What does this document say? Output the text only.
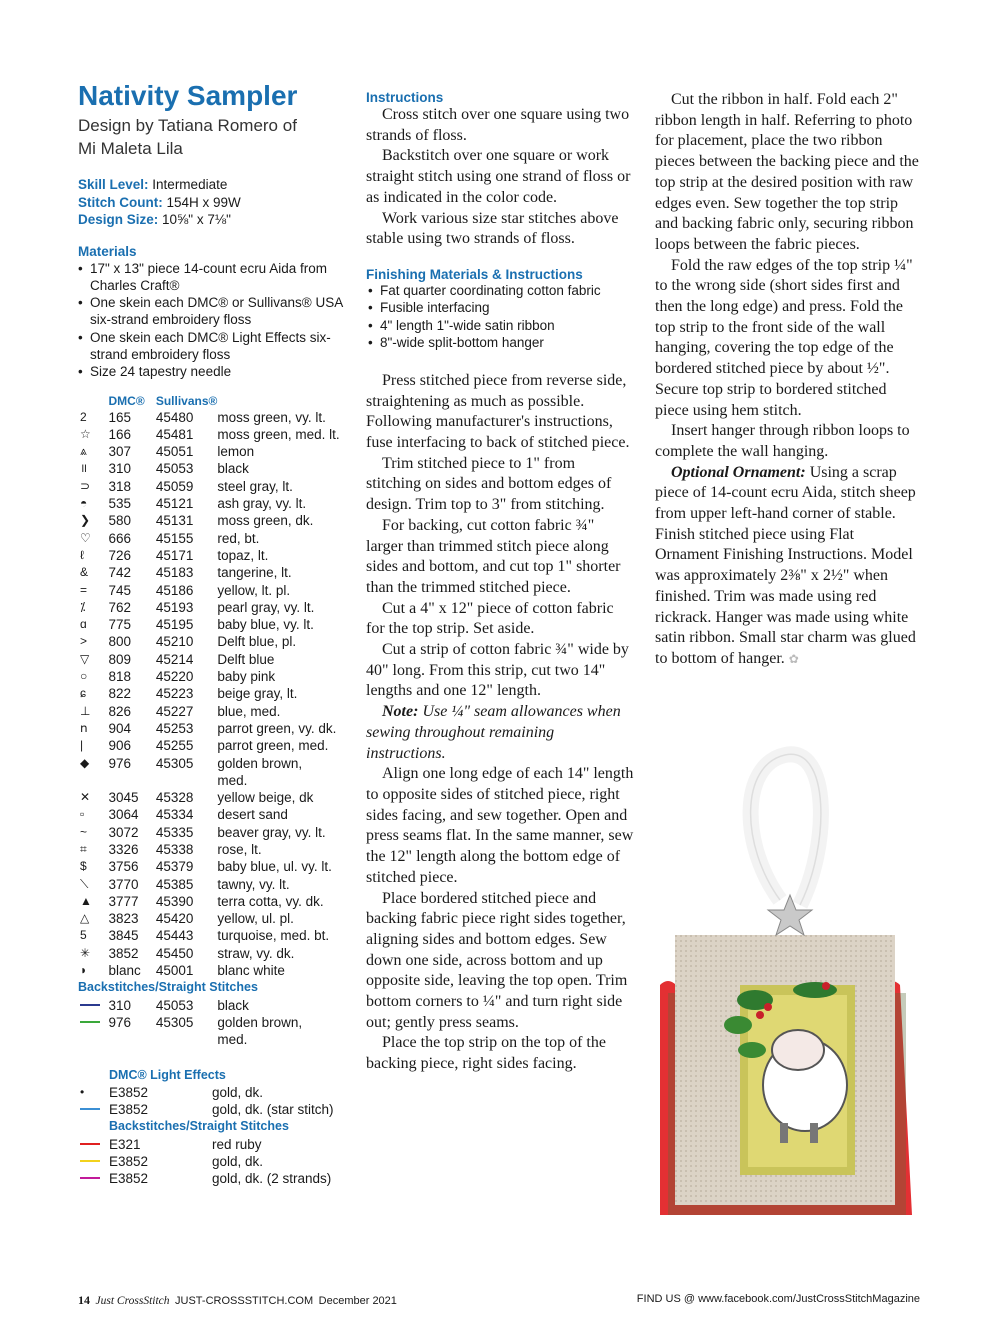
Nativity Sampler
Design by Tatiana Romero of
Mi Maleta Lila
Skill Level: Intermediate
Stitch Count: 154H x 99W
Design Size: 10⅝" x 7⅛"
Materials
• 17" x 13" piece 14-count ecru Aida from Charles Craft®
• One skein each DMC® or Sullivans® USA six-strand embroidery floss
• One skein each DMC® Light Effects six-strand embroidery floss
• Size 24 tapestry needle
	DMC®	Sullivans®	
2	165	45480	moss green, vy. lt.
☆	166	45481	moss green, med. lt.
⩓	307	45051	lemon
॥	310	45053	black
⊃	318	45059	steel gray, lt.
◓	535	45121	ash gray, vy. lt.
❯	580	45131	moss green, dk.
♡	666	45155	red, bt.
ℓ	726	45171	topaz, lt.
&	742	45183	tangerine, lt.
=	745	45186	yellow, lt. pl.
⁒	762	45193	pearl gray, vy. lt.
ɑ	775	45195	baby blue, vy. lt.
>	800	45210	Delft blue, pl.
▽	809	45214	Delft blue
○	818	45220	baby pink
ɕ	822	45223	beige gray, lt.
⊥	826	45227	blue, med.
ո	904	45253	parrot green, vy. dk.
|	906	45255	parrot green, med.
◆	976	45305	golden brown,
			med.
✕	3045	45328	yellow beige, dk
▫	3064	45334	desert sand
~	3072	45335	beaver gray, vy. lt.
⌗	3326	45338	rose, lt.
$	3756	45379	baby blue, ul. vy. lt.
⟍	3770	45385	tawny, vy. lt.
▲	3777	45390	terra cotta, vy. dk.
△	3823	45420	yellow, ul. pl.
5	3845	45443	turquoise, med. bt.
✳	3852	45450	straw, vy. dk.
◗	blanc	45001	blanc white
Backstitches/Straight Stitches			
	310	45053	black
	976	45305	golden brown,
			med.
	DMC® Light Effects		
•	E3852		gold, dk.
	E3852		gold, dk. (star stitch)
	Backstitches/Straight Stitches		
	E321		red ruby
	E3852		gold, dk.
	E3852		gold, dk. (2 strands)
Instructions

Cross stitch over one square using two strands of floss.

Backstitch over one square or work straight stitch using one strand of floss or as indicated in the color code.

Work various size star stitches above stable using two strands of floss.

Finishing Materials & Instructions
• Fat quarter coordinating cotton fabric
• Fusible interfacing
• 4" length 1"-wide satin ribbon
• 8"-wide split-bottom hanger

Press stitched piece from reverse side, straightening as much as possible. Following manufacturer's instructions, fuse interfacing to back of stitched piece.

Trim stitched piece to 1" from stitching on sides and bottom edges of design. Trim top to 3" from stitching.

For backing, cut cotton fabric ¾" larger than trimmed stitch piece along sides and bottom, and cut top 1" shorter than the trimmed stitched piece.

Cut a 4" x 12" piece of cotton fabric for the top strip. Set aside.

Cut a strip of cotton fabric ¾" wide by 40" long. From this strip, cut two 14" lengths and one 12" length.

Note: Use ¼" seam allowances when sewing throughout remaining instructions.

Align one long edge of each 14" length to opposite sides of stitched piece, right sides facing, and sew together. Open and press seams flat. In the same manner, sew the 12" length along the bottom edge of stitched piece.

Place bordered stitched piece and backing fabric piece right sides together, aligning sides and bottom edges. Sew down one side, across bottom and up opposite side, leaving the top open. Trim bottom corners to ¼" and turn right side out; gently press seams.

Place the top strip on the top of the backing piece, right sides facing.

Cut the ribbon in half. Fold each 2" ribbon length in half. Referring to photo for placement, place the two ribbon pieces between the backing piece and the top strip at the desired position with raw edges even. Sew together the top strip and backing fabric only, securing ribbon loops between the fabric pieces.

Fold the raw edges of the top strip ¼" to the wrong side (short sides first and then the long edge) and press. Fold the top strip to the front side of the wall hanging, covering the top edge of the bordered stitched piece by about ½". Secure top strip to bordered stitched piece using hem stitch.

Insert hanger through ribbon loops to complete the wall hanging.

Optional Ornament: Using a scrap piece of 14-count ecru Aida, stitch sheep from upper left-hand corner of stable. Finish stitched piece using Flat Ornament Finishing Instructions. Model was approximately 2⅜" x 2½" when finished. Trim was made using red rickrack. Hanger was made using white satin ribbon. Small star charm was glued to bottom of hanger. ✿

14 Just CrossStitch JUST-CROSSSTITCH.COM December 2021	FIND US @ www.facebook.com/JustCrossStitchMagazine
